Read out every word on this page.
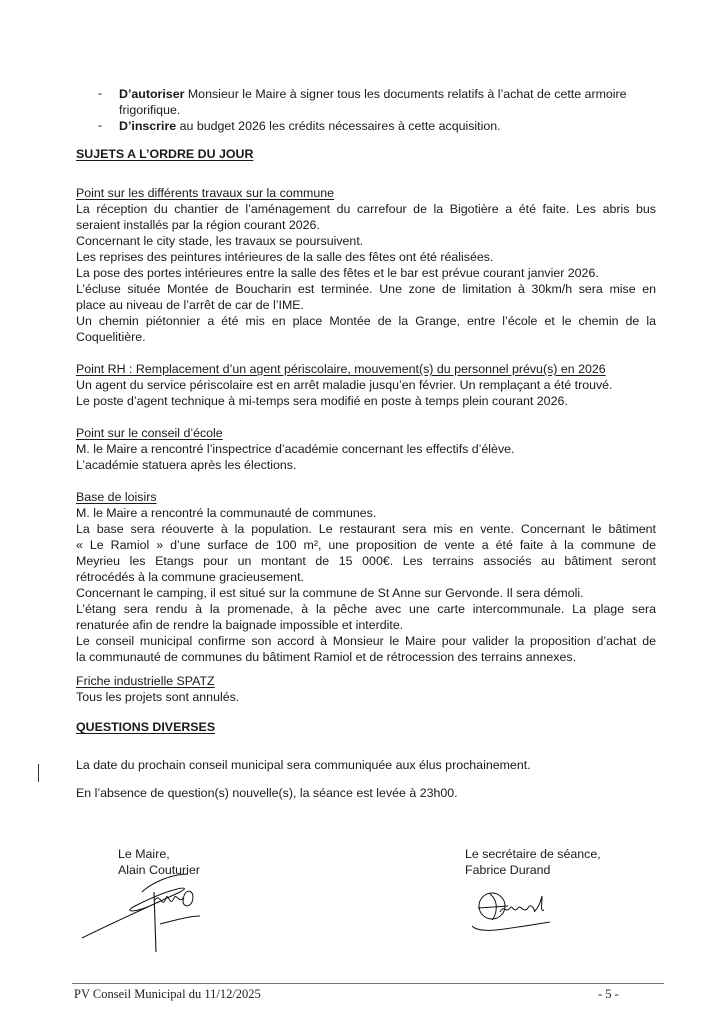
- D’autoriser Monsieur le Maire à signer tous les documents relatifs à l’achat de cette armoire
frigorifique.
- D’inscrire au budget 2026 les crédits nécessaires à cette acquisition.
SUJETS A L’ORDRE DU JOUR
Point sur les différents travaux sur la commune
La réception du chantier de l’aménagement du carrefour de la Bigotière a été faite. Les abris bus
seraient installés par la région courant 2026.
Concernant le city stade, les travaux se poursuivent.
Les reprises des peintures intérieures de la salle des fêtes ont été réalisées.
La pose des portes intérieures entre la salle des fêtes et le bar est prévue courant janvier 2026.
L’écluse située Montée de Boucharin est terminée. Une zone de limitation à 30km/h sera mise en
place au niveau de l’arrêt de car de l’IME.
Un chemin piétonnier a été mis en place Montée de la Grange, entre l’école et le chemin de la
Coquelitière.
Point RH : Remplacement d’un agent périscolaire, mouvement(s) du personnel prévu(s) en 2026
Un agent du service périscolaire est en arrêt maladie jusqu’en février. Un remplaçant a été trouvé.
Le poste d’agent technique à mi-temps sera modifié en poste à temps plein courant 2026.
Point sur le conseil d’école
M. le Maire a rencontré l’inspectrice d’académie concernant les effectifs d’élève.
L’académie statuera après les élections.
Base de loisirs
M. le Maire a rencontré la communauté de communes.
La base sera réouverte à la population. Le restaurant sera mis en vente. Concernant le bâtiment
« Le Ramiol » d’une surface de 100 m², une proposition de vente a été faite à la commune de
Meyrieu les Etangs pour un montant de 15 000€. Les terrains associés au bâtiment seront
rétrocédés à la commune gracieusement.
Concernant le camping, il est situé sur la commune de St Anne sur Gervonde. Il sera démoli.
L’étang sera rendu à la promenade, à la pêche avec une carte intercommunale. La plage sera
renaturée afin de rendre la baignade impossible et interdite.
Le conseil municipal confirme son accord à Monsieur le Maire pour valider la proposition d’achat de
la communauté de communes du bâtiment Ramiol et de rétrocession des terrains annexes.
Friche industrielle SPATZ
Tous les projets sont annulés.
QUESTIONS DIVERSES
La date du prochain conseil municipal sera communiquée aux élus prochainement.
En l’absence de question(s) nouvelle(s), la séance est levée à 23h00.
Le Maire,
Alain Couturier
Le secrétaire de séance,
Fabrice Durand
PV Conseil Municipal du 11/12/2025	- 5 -
